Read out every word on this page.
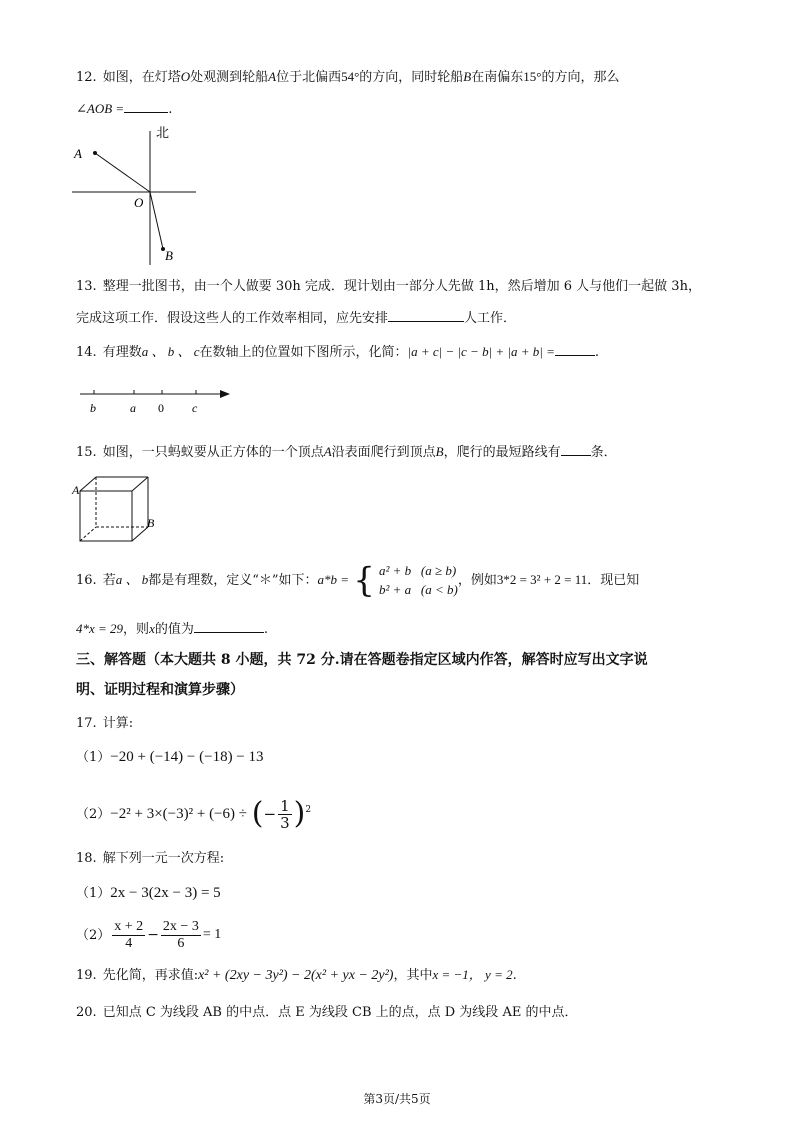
12. 如图，在灯塔O处观测到轮船A位于北偏西54°的方向，同时轮船B在南偏东15°的方向，那么
∠AOB =	.
北
A
O
B
13. 整理一批图书，由一个人做要 30h 完成．现计划由一部分人先做 1h，然后增加 6 人与他们一起做 3h，
完成这项工作．假设这些人的工作效率相同，应先安排	人工作．
14. 有理数a 、 b 、 c在数轴上的位置如下图所示，化简：|a + c| − |c − b| + |a + b| =	.
b	a 0 c
15. 如图，一只蚂蚁要从正方体的一个顶点A沿表面爬行到顶点B，爬行的最短路线有 条．
A
B
16. 若a 、 b都是有理数，定义“＊”如下：a*b = { a² + b (a ≥ b)
b² + a (a < b)
，例如3*2 = 3² + 2 = 11．现已知
4*x = 29，则x的值为	.
三、解答题（本大题共 8 小题，共 72 分.请在答题卷指定区域内作答，解答时应写出文字说
明、证明过程和演算步骤）
17. 计算:
（1）−20 + (−14) − (−18) − 13
（2）−2² + 3×(−3)² + (−6) ÷ (− $\frac{1}{3} )^2$
18. 解下列一元一次方程:
（1）2x − 3(2x − 3) = 5
$(2) \frac{x + 2}{4} - \frac{2x - 3}{6} = 1$
19. 先化简，再求值:x² + (2xy − 3y²) − 2(x² + yx − 2y²)，其中x = −1， y = 2.
20. 已知点 C 为线段 AB 的中点．点 E 为线段 CB 上的点，点 D 为线段 AE 的中点．
第3页/共5页
